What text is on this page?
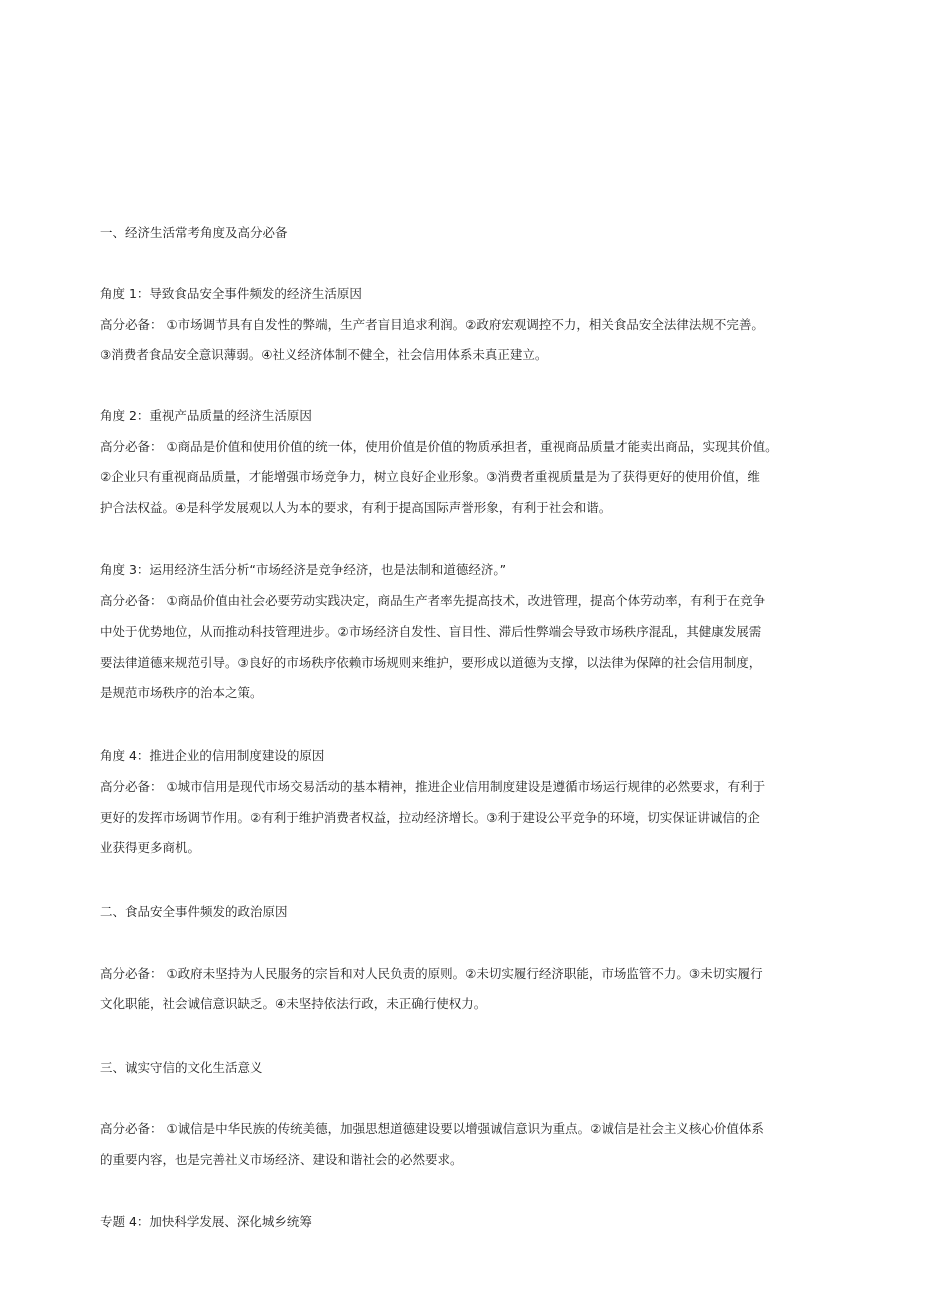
一、经济生活常考角度及高分必备
角度 1：导致食品安全事件频发的经济生活原因
高分必备： ①市场调节具有自发性的弊端，生产者盲目追求利润。②政府宏观调控不力，相关食品安全法律法规不完善。
③消费者食品安全意识薄弱。④社义经济体制不健全，社会信用体系未真正建立。
角度 2：重视产品质量的经济生活原因
高分必备： ①商品是价值和使用价值的统一体，使用价值是价值的物质承担者，重视商品质量才能卖出商品，实现其价值。
②企业只有重视商品质量，才能增强市场竞争力，树立良好企业形象。③消费者重视质量是为了获得更好的使用价值，维
护合法权益。④是科学发展观以人为本的要求，有利于提高国际声誉形象，有利于社会和谐。
角度 3：运用经济生活分析“市场经济是竞争经济，也是法制和道德经济。”
高分必备： ①商品价值由社会必要劳动实践决定，商品生产者率先提高技术，改进管理，提高个体劳动率，有利于在竞争
中处于优势地位，从而推动科技管理进步。②市场经济自发性、盲目性、滞后性弊端会导致市场秩序混乱，其健康发展需
要法律道德来规范引导。③良好的市场秩序依赖市场规则来维护，要形成以道德为支撑，以法律为保障的社会信用制度，
是规范市场秩序的治本之策。
角度 4：推进企业的信用制度建设的原因
高分必备： ①城市信用是现代市场交易活动的基本精神，推进企业信用制度建设是遵循市场运行规律的必然要求，有利于
更好的发挥市场调节作用。②有利于维护消费者权益，拉动经济增长。③利于建设公平竞争的环境，切实保证讲诚信的企
业获得更多商机。
二、食品安全事件频发的政治原因
高分必备： ①政府未坚持为人民服务的宗旨和对人民负责的原则。②未切实履行经济职能，市场监管不力。③未切实履行
文化职能，社会诚信意识缺乏。④未坚持依法行政，未正确行使权力。
三、诚实守信的文化生活意义
高分必备： ①诚信是中华民族的传统美德，加强思想道德建设要以增强诚信意识为重点。②诚信是社会主义核心价值体系
的重要内容，也是完善社义市场经济、建设和谐社会的必然要求。
专题 4：加快科学发展、深化城乡统筹
